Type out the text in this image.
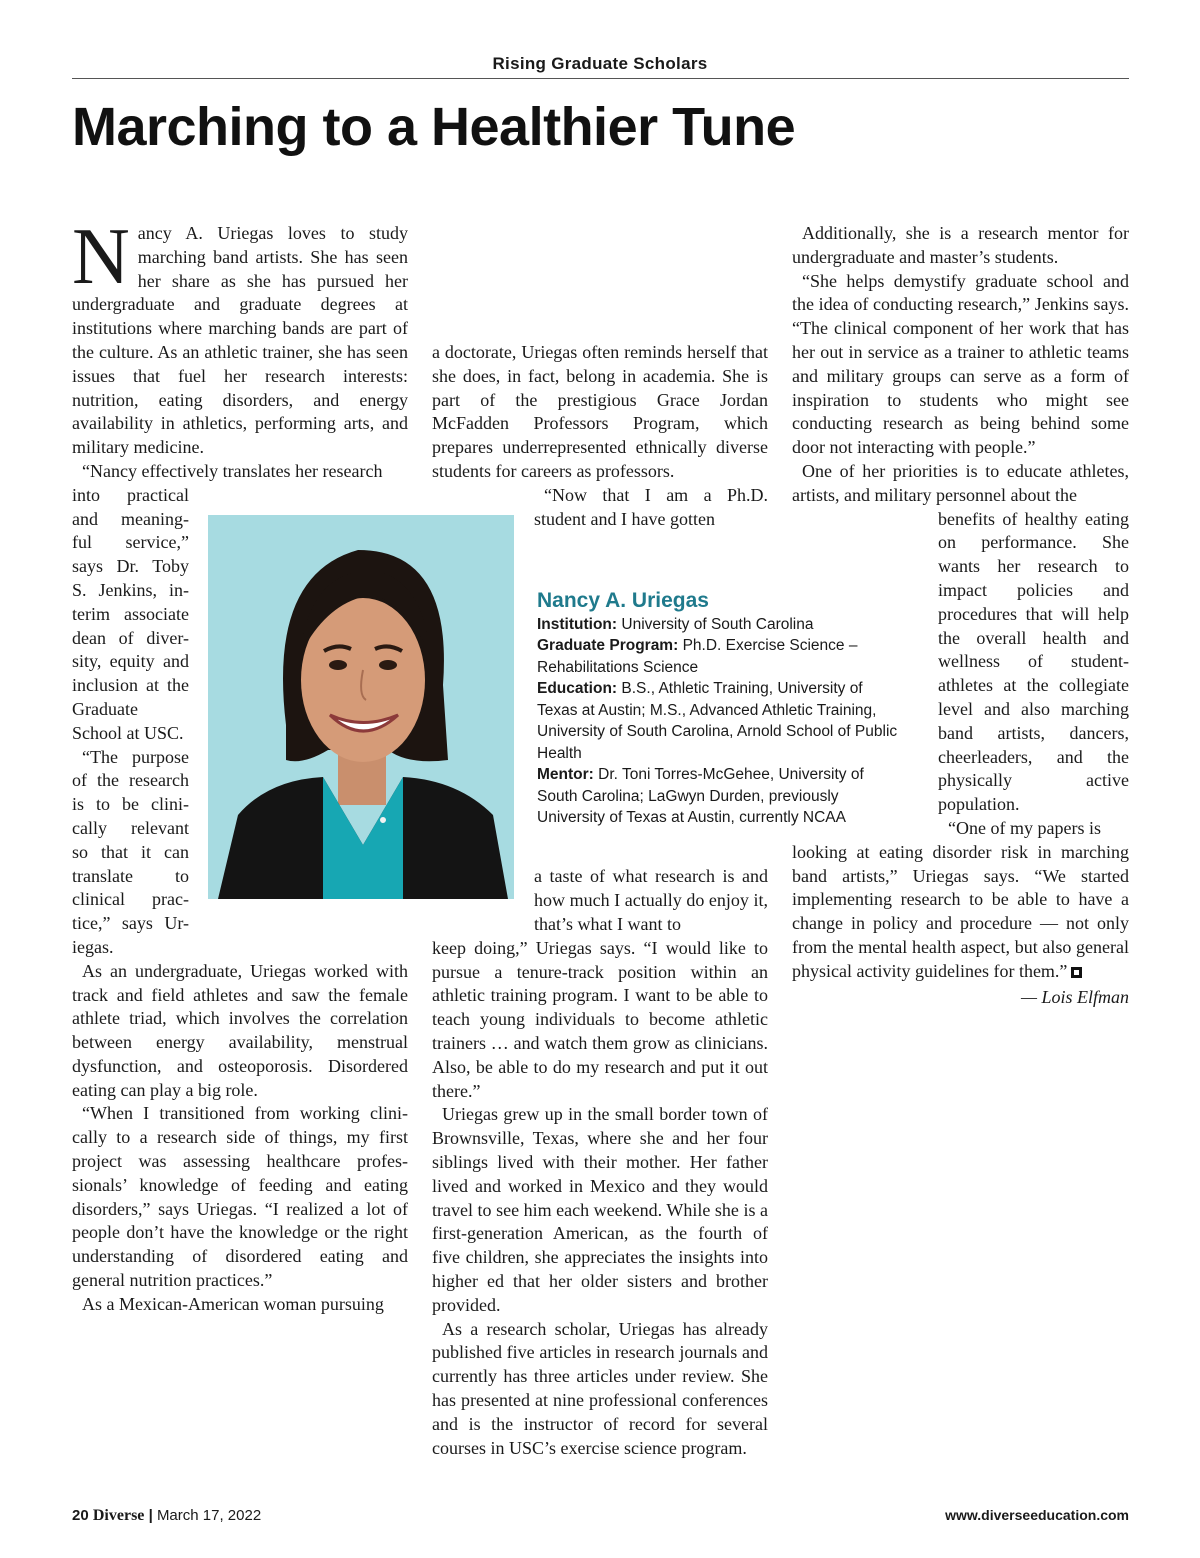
Rising Graduate Scholars
Marching to a Healthier Tune
N ancy A. Uriegas loves to study marching band artists. She has seen her share as she has pursued her undergraduate and graduate degrees at institutions where marching bands are part of the culture. As an athletic trainer, she has seen issues that fuel her research interests: nutrition, eating disorders, and energy availability in athletics, performing arts, and military medicine.

“Nancy effectively translates her research

into practical and meaning-ful service,” says Dr. Toby S. Jenkins, in-terim associate dean of diver-sity, equity and inclusion at the Graduate School at USC.

“The purpose of the research is to be clini-cally relevant so that it can translate to clinical prac-tice,” says Ur-iegas.

As an undergraduate, Uriegas worked with track and field athletes and saw the female athlete triad, which involves the correlation between energy availability, menstrual dysfunction, and osteoporosis. Disordered eating can play a big role.

“When I transitioned from working clini-cally to a research side of things, my first project was assessing healthcare profes-sionals’ knowledge of feeding and eating disorders,” says Uriegas. “I realized a lot of people don’t have the knowledge or the right understanding of disordered eating and general nutrition practices.”

As a Mexican-American woman pursuing

a doctorate, Uriegas often reminds herself that she does, in fact, belong in academia. She is part of the prestigious Grace Jordan McFadden Professors Program, which prepares underrepresented ethnically diverse students for careers as professors.

“Now that I am a Ph.D. student and I have gotten

a taste of what research is and how much I actually do enjoy it, that’s what I want to

keep doing,” Uriegas says. “I would like to pursue a tenure-track position within an athletic training program. I want to be able to teach young individuals to become athletic trainers … and watch them grow as clinicians. Also, be able to do my research and put it out there.”

Uriegas grew up in the small border town of Brownsville, Texas, where she and her four siblings lived with their mother. Her father lived and worked in Mexico and they would travel to see him each weekend. While she is a first-generation American, as the fourth of five children, she appreciates the insights into higher ed that her older sisters and brother provided.

As a research scholar, Uriegas has already published five articles in research journals and currently has three articles under review. She has presented at nine professional conferences and is the instructor of record for several courses in USC’s exercise science program.

Additionally, she is a research mentor for undergraduate and master’s students.

“She helps demystify graduate school and the idea of conducting research,” Jenkins says. “The clinical component of her work that has her out in service as a trainer to athletic teams and military groups can serve as a form of inspiration to students who might see conducting research as being behind some door not interacting with people.”

One of her priorities is to educate athletes, artists, and military personnel about the

benefits of healthy eating on performance. She wants her research to impact policies and procedures that will help the overall health and wellness of student-athletes at the collegiate level and also marching band artists, dancers, cheerleaders, and the physically active population.

“One of my papers is

looking at eating disorder risk in marching band artists,” Uriegas says. “We started implementing research to be able to have a change in policy and procedure — not only from the mental health aspect, but also general physical activity guidelines for them.”

— Lois Elfman
Nancy A. Uriegas

Institution: University of South Carolina

Graduate Program: Ph.D. Exercise Science – Rehabilitations Science

Education: B.S., Athletic Training, University of Texas at Austin; M.S., Advanced Athletic Training, University of South Carolina, Arnold School of Public Health

Mentor: Dr. Toni Torres-McGehee, University of South Carolina; LaGwyn Durden, previously University of Texas at Austin, currently NCAA

20 Diverse | March 17, 2022	www.diverseeducation.com
